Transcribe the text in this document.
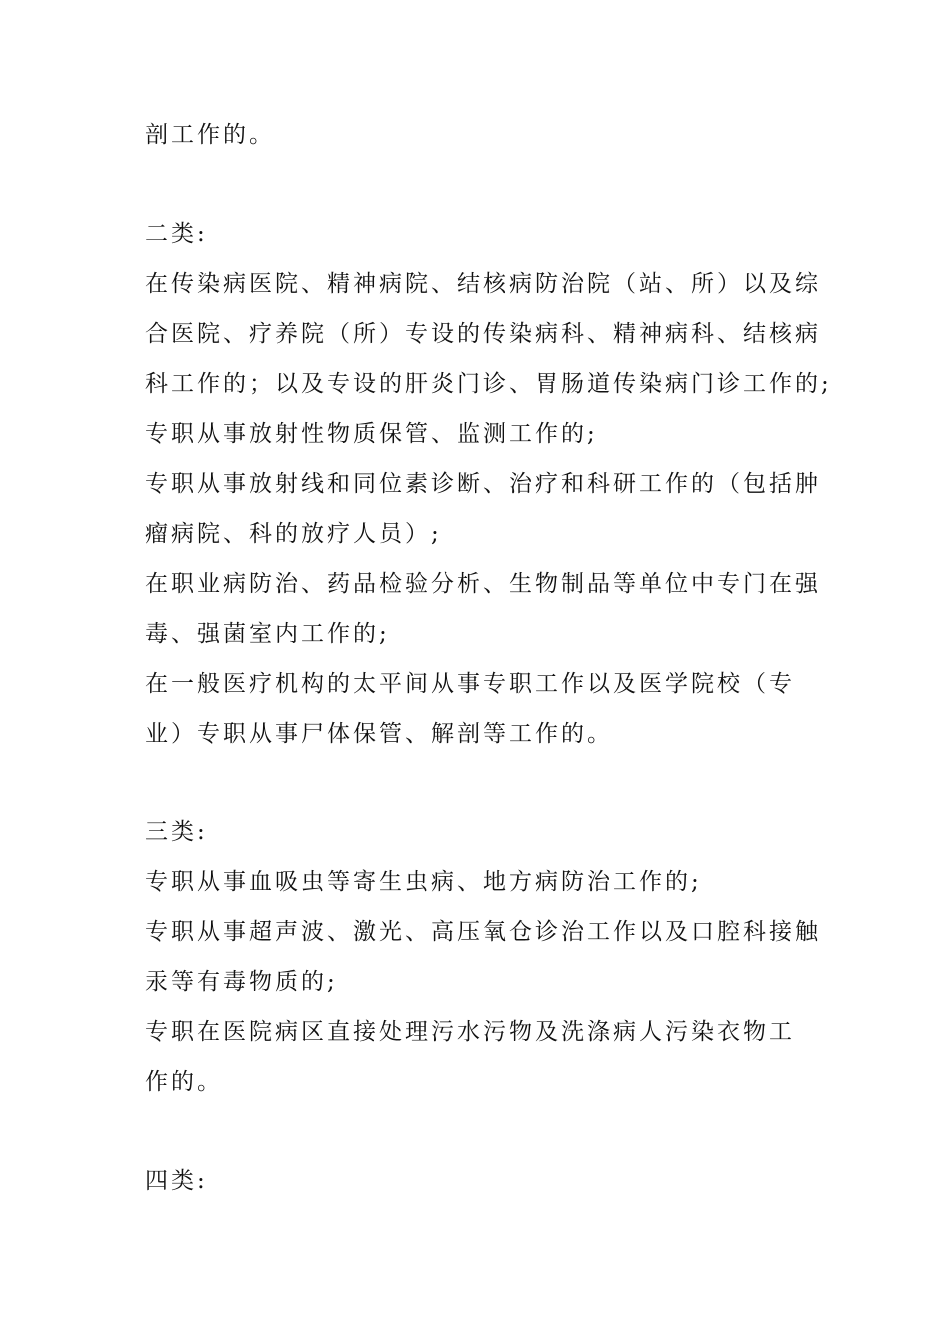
剖工作的。
二类:
在传染病医院、精神病院、结核病防治院（站、所）以及综
合医院、疗养院（所）专设的传染病科、精神病科、结核病
科工作的；以及专设的肝炎门诊、胃肠道传染病门诊工作的;
专职从事放射性物质保管、监测工作的;
专职从事放射线和同位素诊断、治疗和科研工作的（包括肿
瘤病院、科的放疗人员）;
在职业病防治、药品检验分析、生物制品等单位中专门在强
毒、强菌室内工作的;
在一般医疗机构的太平间从事专职工作以及医学院校（专
业）专职从事尸体保管、解剖等工作的。
三类:
专职从事血吸虫等寄生虫病、地方病防治工作的;
专职从事超声波、激光、高压氧仓诊治工作以及口腔科接触
汞等有毒物质的;
专职在医院病区直接处理污水污物及洗涤病人污染衣物工
作的。
四类:
